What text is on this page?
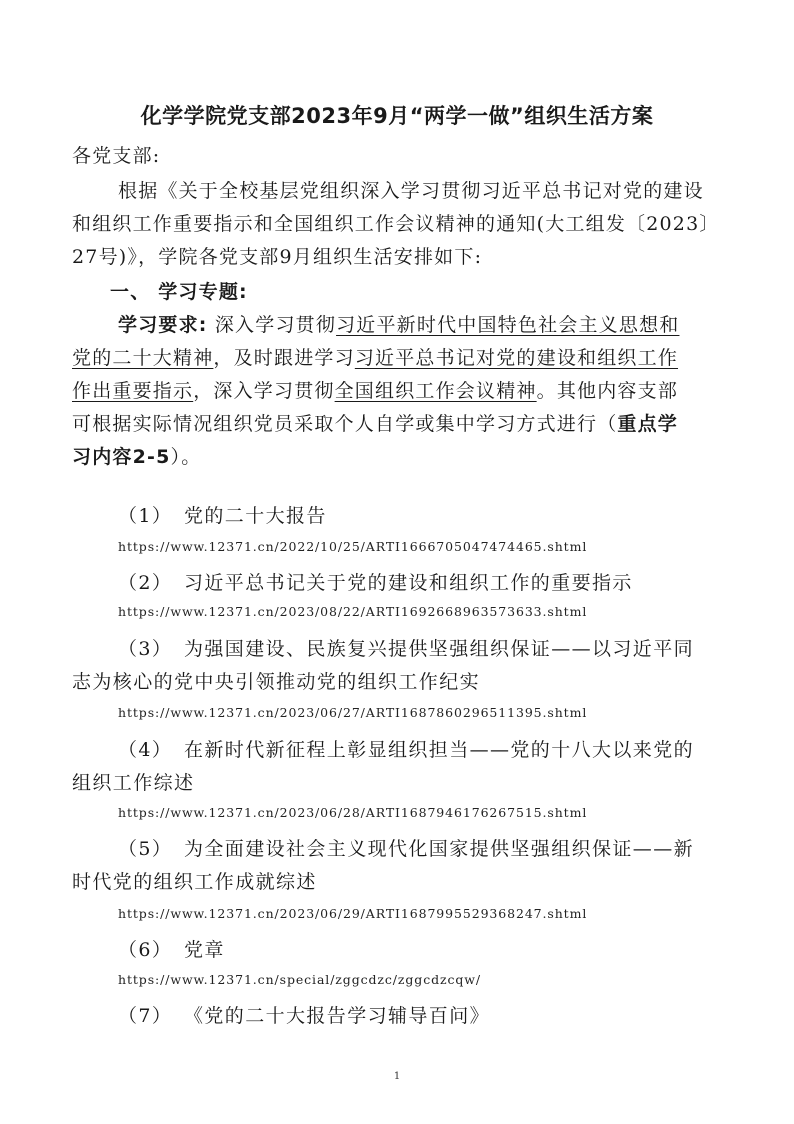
化学学院党支部2023年9月“两学一做”组织生活方案
各党支部:
根据《关于全校基层党组织深入学习贯彻习近平总书记对党的建设
和组织工作重要指示和全国组织工作会议精神的通知(大工组发〔2023〕
27号)》，学院各党支部9月组织生活安排如下:
一、 学习专题:
学习要求: 深入学习贯彻习近平新时代中国特色社会主义思想和
党的二十大精神，及时跟进学习习近平总书记对党的建设和组织工作
作出重要指示，深入学习贯彻全国组织工作会议精神。其他内容支部
可根据实际情况组织党员采取个人自学或集中学习方式进行（重点学
习内容2-5）。
（1） 党的二十大报告
https://www.12371.cn/2022/10/25/ARTI1666705047474465.shtml
（2） 习近平总书记关于党的建设和组织工作的重要指示
https://www.12371.cn/2023/08/22/ARTI1692668963573633.shtml
（3） 为强国建设、民族复兴提供坚强组织保证——以习近平同
志为核心的党中央引领推动党的组织工作纪实
https://www.12371.cn/2023/06/27/ARTI1687860296511395.shtml
（4） 在新时代新征程上彰显组织担当——党的十八大以来党的
组织工作综述
https://www.12371.cn/2023/06/28/ARTI1687946176267515.shtml
（5） 为全面建设社会主义现代化国家提供坚强组织保证——新
时代党的组织工作成就综述
https://www.12371.cn/2023/06/29/ARTI1687995529368247.shtml
（6） 党章
https://www.12371.cn/special/zggcdzc/zggcdzcqw/
（7） 《党的二十大报告学习辅导百问》
1
